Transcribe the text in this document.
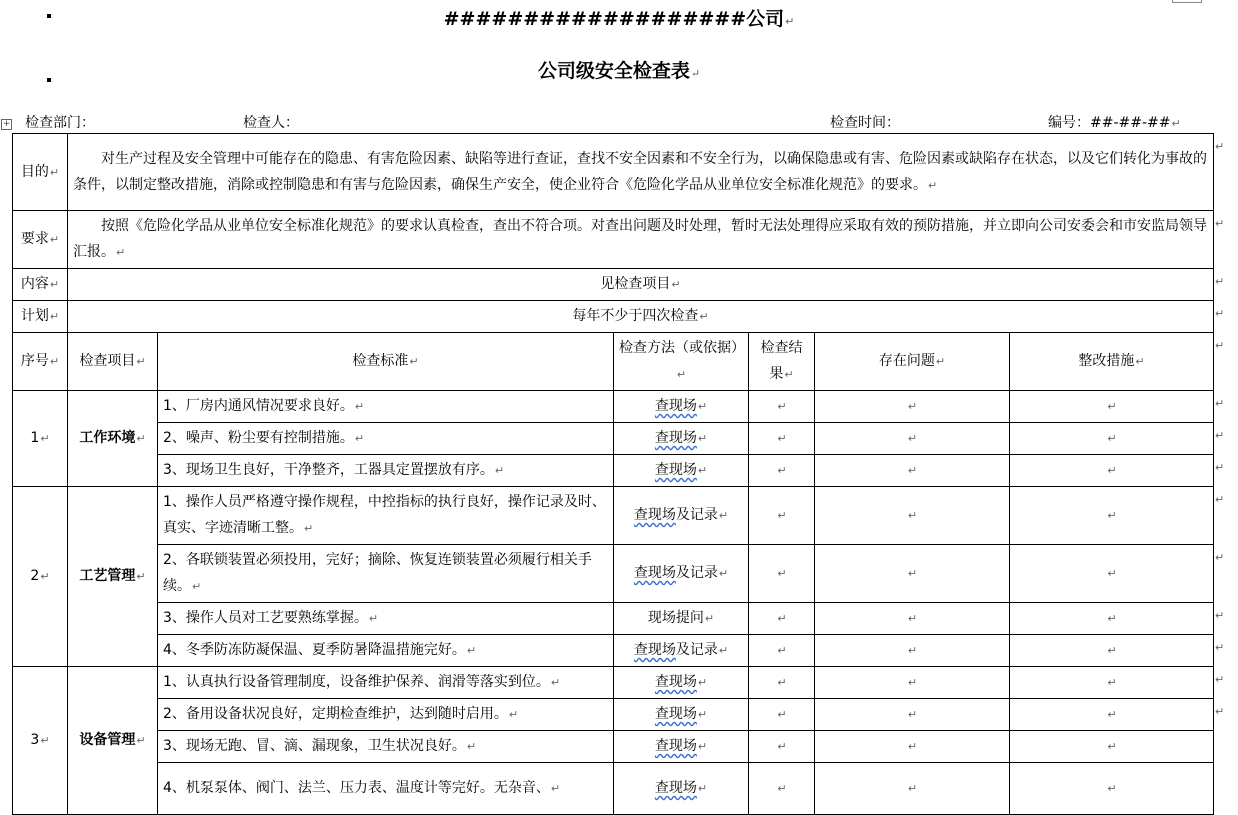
###################公司↵
公司级安全检查表↵
+ 检查部门：	检查人：	检查时间：	编号：##-##-##↵
目的↵	对生产过程及安全管理中可能存在的隐患、有害危险因素、缺陷等进行查证，查找不安全因素和不安全行为，以确保隐患或有害、危险因素或缺陷存在状态，以及它们转化为事故的条件，以制定整改措施，消除或控制隐患和有害与危险因素，确保生产安全，使企业符合《危险化学品从业单位安全标准化规范》的要求。↵					
要求↵	按照《危险化学品从业单位安全标准化规范》的要求认真检查，查出不符合项。对查出问题及时处理，暂时无法处理得应采取有效的预防措施，并立即向公司安委会和市安监局领导汇报。↵					
内容↵	见检查项目↵					
计划↵	每年不少于四次检查↵					
序号↵	检查项目↵	检查标准↵	检查方法（或依据）↵	检查结果↵	存在问题↵	整改措施↵
1↵	工作环境↵	1、厂房内通风情况要求良好。↵	查现场↵	↵	↵	↵
		2、噪声、粉尘要有控制措施。↵	查现场↵	↵	↵	↵
		3、现场卫生良好，干净整齐，工器具定置摆放有序。↵	查现场↵	↵	↵	↵
2↵	工艺管理↵	1、操作人员严格遵守操作规程，中控指标的执行良好，操作记录及时、真实、字迹清晰工整。↵	查现场及记录↵	↵	↵	↵
		2、各联锁装置必须投用，完好；摘除、恢复连锁装置必须履行相关手续。↵	查现场及记录↵	↵	↵	↵
		3、操作人员对工艺要熟练掌握。↵	现场提问↵	↵	↵	↵
		4、冬季防冻防凝保温、夏季防暑降温措施完好。↵	查现场及记录↵	↵	↵	↵
3↵	设备管理↵	1、认真执行设备管理制度，设备维护保养、润滑等落实到位。↵	查现场↵	↵	↵	↵
		2、备用设备状况良好，定期检查维护，达到随时启用。↵	查现场↵	↵	↵	↵
		3、现场无跑、冒、滴、漏现象，卫生状况良好。↵	查现场↵	↵	↵	↵
		4、机泵泵体、阀门、法兰、压力表、温度计等完好。无杂音、↵	查现场↵	↵	↵	↵
↵
↵
↵
↵
↵
↵
↵
↵
↵
↵
↵
↵
↵
↵
